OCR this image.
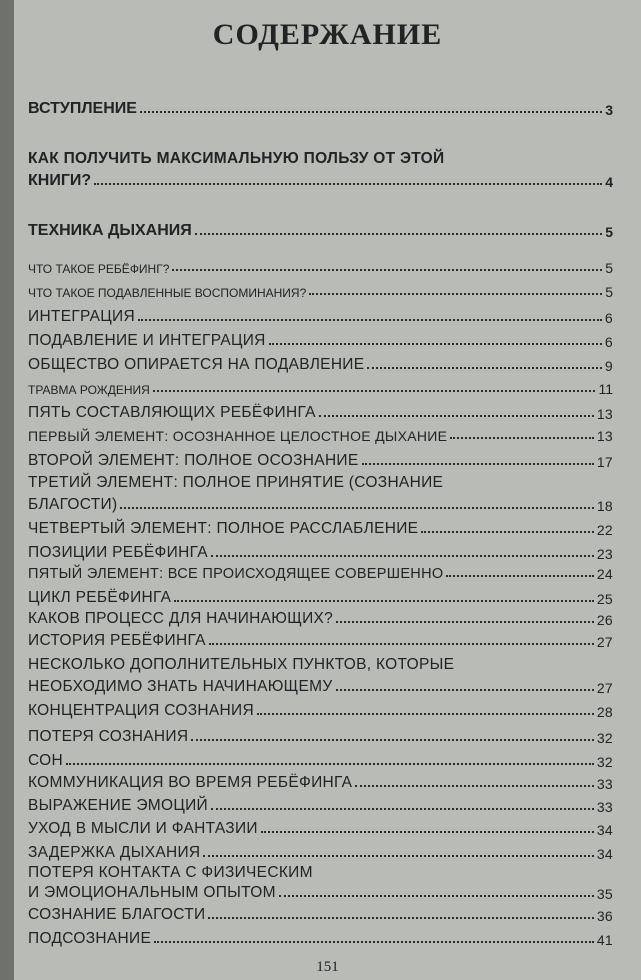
СОДЕРЖАНИЕ
ВСТУПЛЕНИЕ	3
КАК ПОЛУЧИТЬ МАКСИМАЛЬНУЮ ПОЛЬЗУ ОТ ЭТОЙ
КНИГИ?	4
ТЕХНИКА ДЫХАНИЯ	5
ЧТО ТАКОЕ РЕБЁФИНГ?	5
ЧТО ТАКОЕ ПОДАВЛЕННЫЕ ВОСПОМИНАНИЯ?	5
ИНТЕГРАЦИЯ	6
ПОДАВЛЕНИЕ И ИНТЕГРАЦИЯ	6
ОБЩЕСТВО ОПИРАЕТСЯ НА ПОДАВЛЕНИЕ	9
ТРАВМА РОЖДЕНИЯ	11
ПЯТЬ СОСТАВЛЯЮЩИХ РЕБЁФИНГА	13
ПЕРВЫЙ ЭЛЕМЕНТ: ОСОЗНАННОЕ ЦЕЛОСТНОЕ ДЫХАНИЕ	13
ВТОРОЙ ЭЛЕМЕНТ: ПОЛНОЕ ОСОЗНАНИЕ	17
ТРЕТИЙ ЭЛЕМЕНТ: ПОЛНОЕ ПРИНЯТИЕ (СОЗНАНИЕ
БЛАГОСТИ)	18
ЧЕТВЕРТЫЙ ЭЛЕМЕНТ: ПОЛНОЕ РАССЛАБЛЕНИЕ	22
ПОЗИЦИИ РЕБЁФИНГА	23
ПЯТЫЙ ЭЛЕМЕНТ: ВСЕ ПРОИСХОДЯЩЕЕ СОВЕРШЕННО	24
ЦИКЛ РЕБЁФИНГА	25
КАКОВ ПРОЦЕСС ДЛЯ НАЧИНАЮЩИХ?	26
ИСТОРИЯ РЕБЁФИНГА	27
НЕСКОЛЬКО ДОПОЛНИТЕЛЬНЫХ ПУНКТОВ, КОТОРЫЕ
НЕОБХОДИМО ЗНАТЬ НАЧИНАЮЩЕМУ	27
КОНЦЕНТРАЦИЯ СОЗНАНИЯ	28
ПОТЕРЯ СОЗНАНИЯ	32
СОН	32
КОММУНИКАЦИЯ ВО ВРЕМЯ РЕБЁФИНГА	33
ВЫРАЖЕНИЕ ЭМОЦИЙ	33
УХОД В МЫСЛИ И ФАНТАЗИИ	34
ЗАДЕРЖКА ДЫХАНИЯ	34
ПОТЕРЯ КОНТАКТА С ФИЗИЧЕСКИМ
И ЭМОЦИОНАЛЬНЫМ ОПЫТОМ	35
СОЗНАНИЕ БЛАГОСТИ	36
ПОДСОЗНАНИЕ	41
151
